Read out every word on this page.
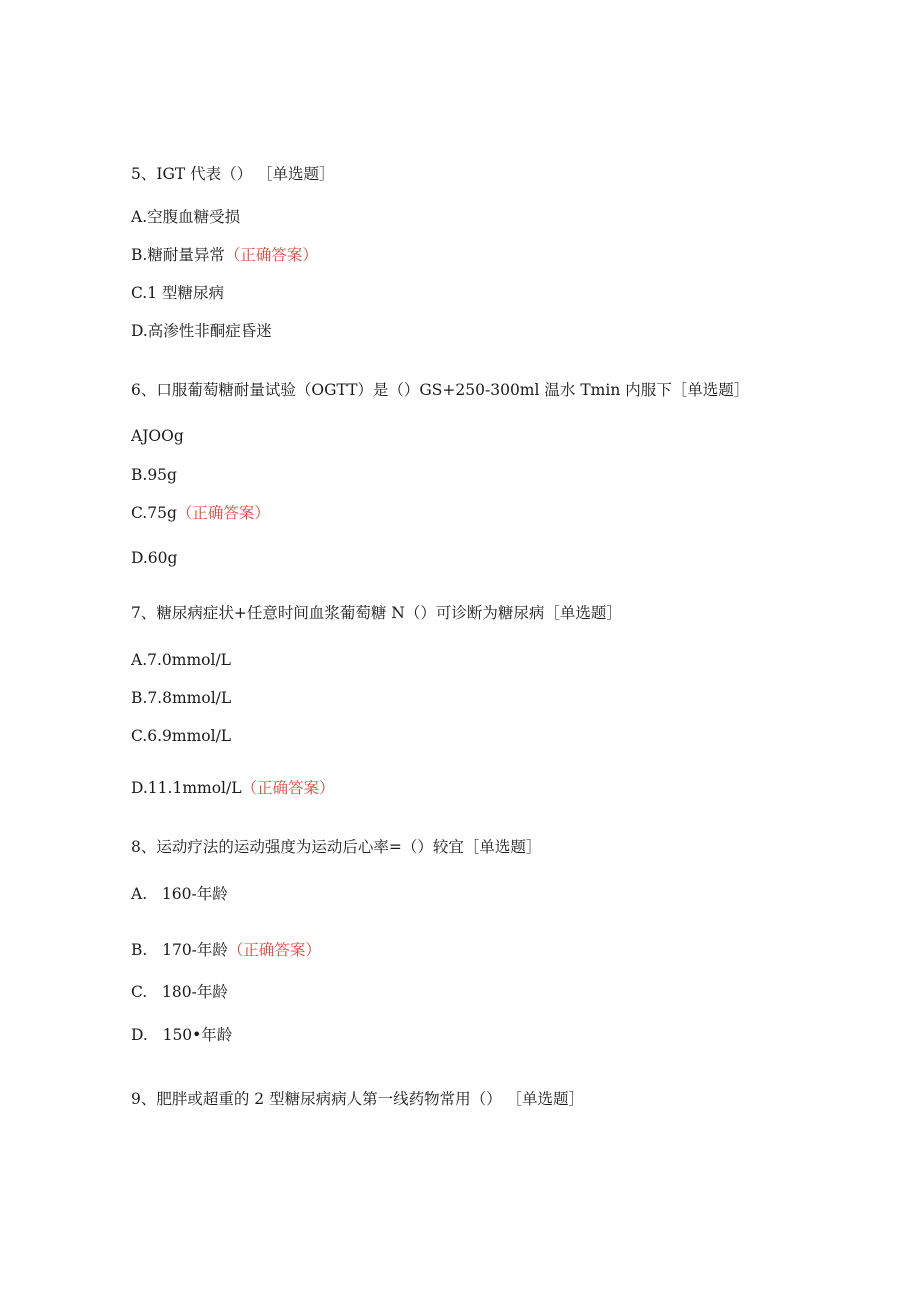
5、IGT 代表（） ［单选题］
A.空腹血糖受损
B.糖耐量异常（正确答案）
C.1 型糖尿病
D.高渗性非酮症昏迷
6、口服葡萄糖耐量试验（OGTT）是（）GS+250-300ml 温水 Tmin 内服下［单选题］
AJOOg
B.95g
C.75g（正确答案）
D.60g
7、糖尿病症状+任意时间血浆葡萄糖 N（）可诊断为糖尿病［单选题］
A.7.0mmol∕L
B.7.8mmol∕L
C.6.9mmol∕L
D.11.1mmol∕L（正确答案）
8、运动疗法的运动强度为运动后心率=（）较宜［单选题］
A.   160-年龄
B.   170-年龄（正确答案）
C.   180-年龄
D.   150•年龄
9、肥胖或超重的 2 型糖尿病病人第一线药物常用（） ［单选题］
